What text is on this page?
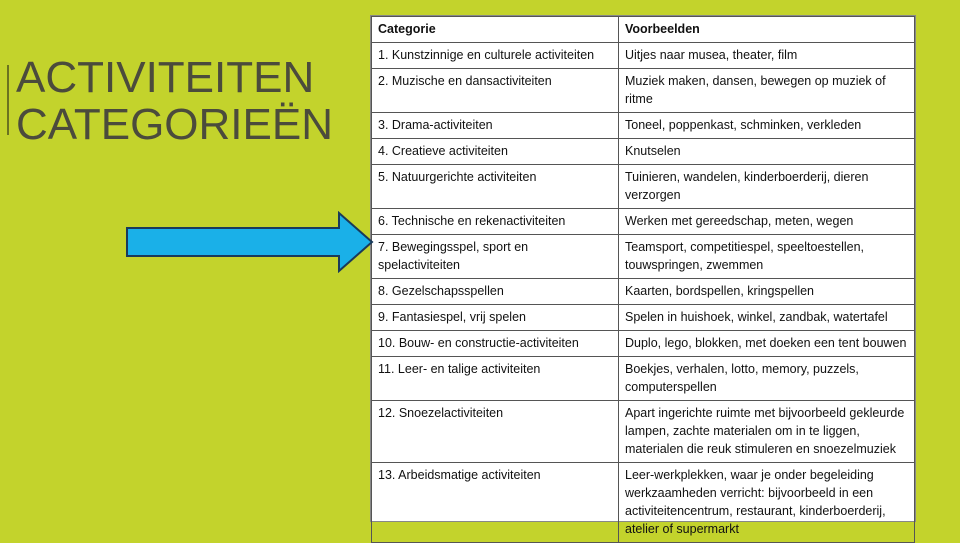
ACTIVITEITEN
CATEGORIEËN
Categorie	Voorbeelden
1. Kunstzinnige en culturele activiteiten	Uitjes naar musea, theater, film
2. Muzische en dansactiviteiten	Muziek maken, dansen, bewegen op muziek of ritme
3. Drama-activiteiten	Toneel, poppenkast, schminken, verkleden
4. Creatieve activiteiten	Knutselen
5. Natuurgerichte activiteiten	Tuinieren, wandelen, kinderboerderij, dieren verzorgen
6. Technische en rekenactiviteiten	Werken met gereedschap, meten, wegen
7. Bewegingsspel, sport en spelactiviteiten	Teamsport, competitiespel, speeltoestellen, touwspringen, zwemmen
8. Gezelschapsspellen	Kaarten, bordspellen, kringspellen
9. Fantasiespel, vrij spelen	Spelen in huishoek, winkel, zandbak, watertafel
10. Bouw- en constructie-activiteiten	Duplo, lego, blokken, met doeken een tent bouwen
11. Leer- en talige activiteiten	Boekjes, verhalen, lotto, memory, puzzels, computerspellen
12. Snoezelactiviteiten	Apart ingerichte ruimte met bijvoorbeeld gekleurde lampen, zachte materialen om in te liggen, materialen die reuk stimuleren en snoezelmuziek
13. Arbeidsmatige activiteiten	Leer-werkplekken, waar je onder begeleiding werkzaamheden verricht: bijvoorbeeld in een activiteitencentrum, restaurant, kinderboerderij, atelier of supermarkt
